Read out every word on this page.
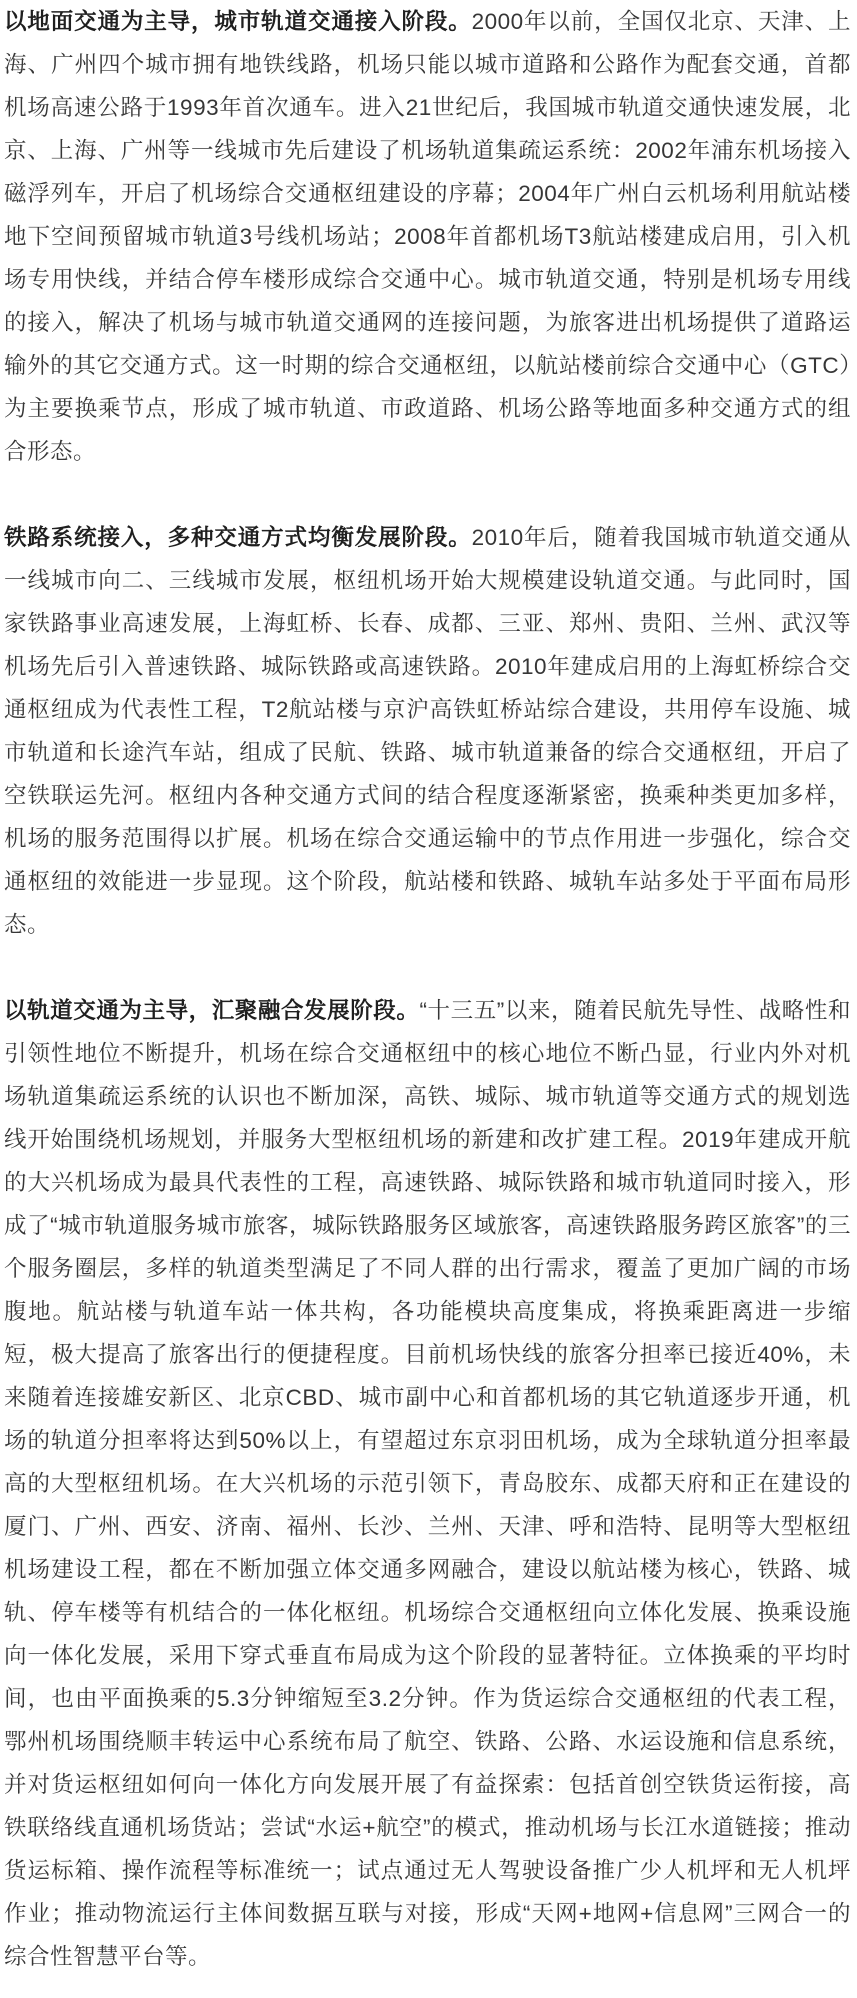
以地面交通为主导，城市轨道交通接入阶段。2000年以前，全国仅北京、天津、上海、广州四个城市拥有地铁线路，机场只能以城市道路和公路作为配套交通，首都机场高速公路于1993年首次通车。进入21世纪后，我国城市轨道交通快速发展，北京、上海、广州等一线城市先后建设了机场轨道集疏运系统：2002年浦东机场接入磁浮列车，开启了机场综合交通枢纽建设的序幕；2004年广州白云机场利用航站楼地下空间预留城市轨道3号线机场站；2008年首都机场T3航站楼建成启用，引入机场专用快线，并结合停车楼形成综合交通中心。城市轨道交通，特别是机场专用线的接入，解决了机场与城市轨道交通网的连接问题，为旅客进出机场提供了道路运输外的其它交通方式。这一时期的综合交通枢纽，以航站楼前综合交通中心（GTC）为主要换乘节点，形成了城市轨道、市政道路、机场公路等地面多种交通方式的组合形态。

铁路系统接入，多种交通方式均衡发展阶段。2010年后，随着我国城市轨道交通从一线城市向二、三线城市发展，枢纽机场开始大规模建设轨道交通。与此同时，国家铁路事业高速发展，上海虹桥、长春、成都、三亚、郑州、贵阳、兰州、武汉等机场先后引入普速铁路、城际铁路或高速铁路。2010年建成启用的上海虹桥综合交通枢纽成为代表性工程，T2航站楼与京沪高铁虹桥站综合建设，共用停车设施、城市轨道和长途汽车站，组成了民航、铁路、城市轨道兼备的综合交通枢纽，开启了空铁联运先河。枢纽内各种交通方式间的结合程度逐渐紧密，换乘种类更加多样，机场的服务范围得以扩展。机场在综合交通运输中的节点作用进一步强化，综合交通枢纽的效能进一步显现。这个阶段，航站楼和铁路、城轨车站多处于平面布局形态。

以轨道交通为主导，汇聚融合发展阶段。“十三五”以来，随着民航先导性、战略性和引领性地位不断提升，机场在综合交通枢纽中的核心地位不断凸显，行业内外对机场轨道集疏运系统的认识也不断加深，高铁、城际、城市轨道等交通方式的规划选线开始围绕机场规划，并服务大型枢纽机场的新建和改扩建工程。2019年建成开航的大兴机场成为最具代表性的工程，高速铁路、城际铁路和城市轨道同时接入，形成了“城市轨道服务城市旅客，城际铁路服务区域旅客，高速铁路服务跨区旅客”的三个服务圈层，多样的轨道类型满足了不同人群的出行需求，覆盖了更加广阔的市场腹地。航站楼与轨道车站一体共构，各功能模块高度集成，将换乘距离进一步缩短，极大提高了旅客出行的便捷程度。目前机场快线的旅客分担率已接近40%，未来随着连接雄安新区、北京CBD、城市副中心和首都机场的其它轨道逐步开通，机场的轨道分担率将达到50%以上，有望超过东京羽田机场，成为全球轨道分担率最高的大型枢纽机场。在大兴机场的示范引领下，青岛胶东、成都天府和正在建设的厦门、广州、西安、济南、福州、长沙、兰州、天津、呼和浩特、昆明等大型枢纽机场建设工程，都在不断加强立体交通多网融合，建设以航站楼为核心，铁路、城轨、停车楼等有机结合的一体化枢纽。机场综合交通枢纽向立体化发展、换乘设施向一体化发展，采用下穿式垂直布局成为这个阶段的显著特征。立体换乘的平均时间，也由平面换乘的5.3分钟缩短至3.2分钟。作为货运综合交通枢纽的代表工程，鄂州机场围绕顺丰转运中心系统布局了航空、铁路、公路、水运设施和信息系统，并对货运枢纽如何向一体化方向发展开展了有益探索：包括首创空铁货运衔接，高铁联络线直通机场货站；尝试“水运+航空”的模式，推动机场与长江水道链接；推动货运标箱、操作流程等标准统一；试点通过无人驾驶设备推广少人机坪和无人机坪作业；推动物流运行主体间数据互联与对接，形成“天网+地网+信息网”三网合一的综合性智慧平台等。
